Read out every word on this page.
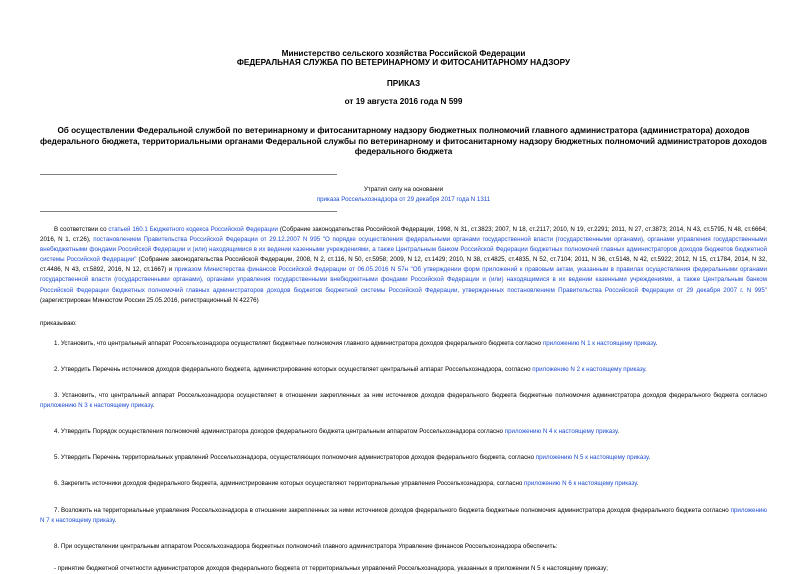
Министерство сельского хозяйства Российской Федерации
ФЕДЕРАЛЬНАЯ СЛУЖБА ПО ВЕТЕРИНАРНОМУ И ФИТОСАНИТАРНОМУ НАДЗОРУ
ПРИКАЗ
от 19 августа 2016 года N 599
Об осуществлении Федеральной службой по ветеринарному и фитосанитарному надзору бюджетных полномочий главного администратора (администратора) доходов федерального бюджета, территориальными органами Федеральной службы по ветеринарному и фитосанитарному надзору бюджетных полномочий администраторов доходов федерального бюджета
Утратил силу на основании
приказа Россельхознадзора от 29 декабря 2017 года N 1311

В соответствии со статьей 160.1 Бюджетного кодекса Российской Федерации (Собрание законодательства Российской Федерации, 1998, N 31, ст.3823; 2007, N 18, ст.2117; 2010, N 19, ст.2291; 2011, N 27, ст.3873; 2014, N 43, ст.5795, N 48, ст.6664; 2016, N 1, ст.26), постановлением Правительства Российской Федерации от 29.12.2007 N 995 "О порядке осуществления федеральными органами государственной власти (государственными органами), органами управления государственными внебюджетными фондами Российской Федерации и (или) находящимися в их ведении казенными учреждениями, а также Центральным банком Российской Федерации бюджетных полномочий главных администраторов доходов бюджетов бюджетной системы Российской Федерации" (Собрание законодательства Российской Федерации, 2008, N 2, ст.116, N 50, ст.5958; 2009, N 12, ст.1429; 2010, N 38, ст.4825, ст.4835, N 52, ст.7104; 2011, N 36, ст.5148, N 42, ст.5922; 2012, N 15, ст.1784, 2014, N 32, ст.4486, N 43, ст.5892, 2016, N 12, ст.1667) и приказом Министерства финансов Российской Федерации от 06.05.2016 N 57н "Об утверждении форм приложений к правовым актам, указанным в правилах осуществления федеральными органами государственной власти (государственными органами), органами управления государственными внебюджетными фондами Российской Федерации и (или) находящимися в их ведении казенными учреждениями, а также Центральным банком Российской Федерации бюджетных полномочий главных администраторов доходов бюджетов бюджетной системы Российской Федерации, утвержденных постановлением Правительства Российской Федерации от 29 декабря 2007 г. N 995" (зарегистрирован Минюстом России 25.05.2016, регистрационный N 42276)

приказываю:

1. Установить, что центральный аппарат Россельхознадзора осуществляет бюджетные полномочия главного администратора доходов федерального бюджета согласно приложению N 1 к настоящему приказу.

2. Утвердить Перечень источников доходов федерального бюджета, администрирование которых осуществляет центральный аппарат Россельхознадзора, согласно приложению N 2 к настоящему приказу.

3. Установить, что центральный аппарат Россельхознадзора осуществляет в отношении закрепленных за ним источников доходов федерального бюджета бюджетные полномочия администратора доходов федерального бюджета согласно приложению N 3 к настоящему приказу.

4. Утвердить Порядок осуществления полномочий администратора доходов федерального бюджета центральным аппаратом Россельхознадзора согласно приложению N 4 к настоящему приказу.

5. Утвердить Перечень территориальных управлений Россельхознадзора, осуществляющих полномочия администраторов доходов федерального бюджета, согласно приложению N 5 к настоящему приказу.

6. Закрепить источники доходов федерального бюджета, администрирование которых осуществляют территориальные управления Россельхознадзора, согласно приложению N 6 к настоящему приказу.

7. Возложить на территориальные управления Россельхознадзора в отношении закрепленных за ними источников доходов федерального бюджета бюджетные полномочия администратора доходов федерального бюджета согласно приложению N 7 к настоящему приказу.

8. При осуществлении центральным аппаратом Россельхознадзора бюджетных полномочий главного администратора Управление финансов Россельхознадзора обеспечить:

- принятие бюджетной отчетности администраторов доходов федерального бюджета от территориальных управлений Россельхознадзора, указанных в приложении N 5 к настоящему приказу;
